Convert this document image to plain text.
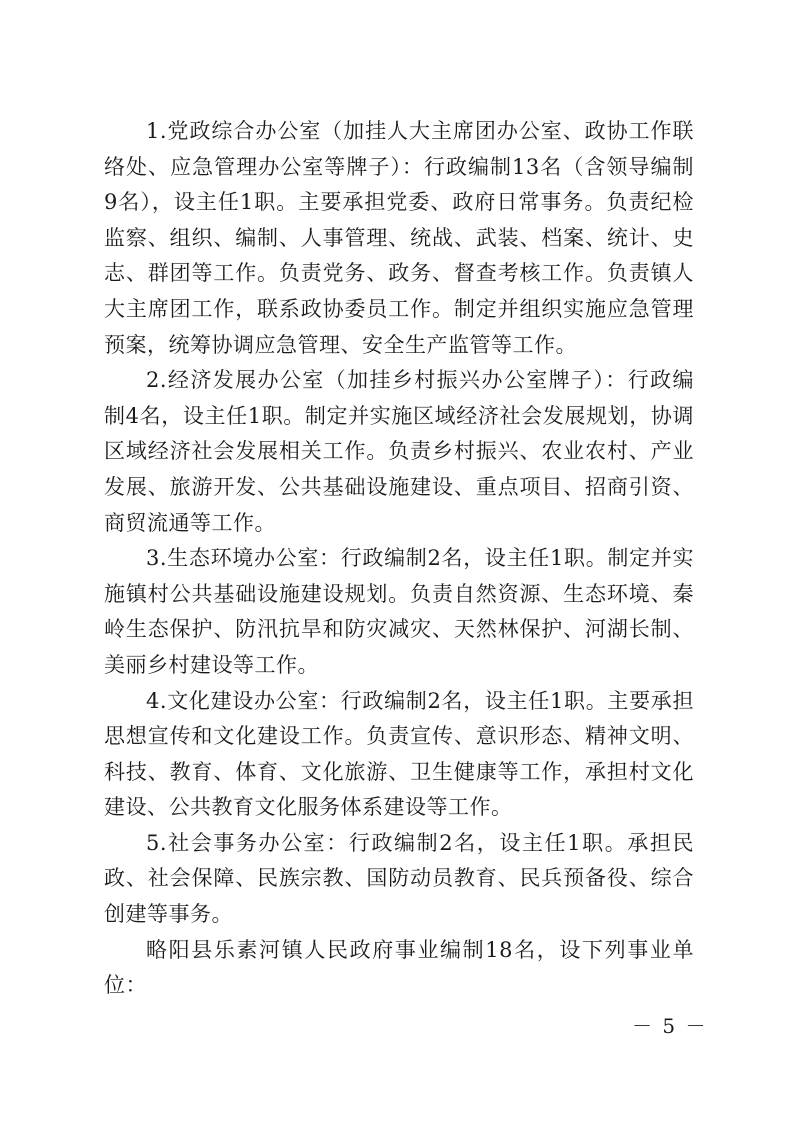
1.党政综合办公室（加挂人大主席团办公室、政协工作联络处、应急管理办公室等牌子）：行政编制13名（含领导编制9名），设主任1职。主要承担党委、政府日常事务。负责纪检监察、组织、编制、人事管理、统战、武装、档案、统计、史志、群团等工作。负责党务、政务、督查考核工作。负责镇人大主席团工作，联系政协委员工作。制定并组织实施应急管理预案，统筹协调应急管理、安全生产监管等工作。

2.经济发展办公室（加挂乡村振兴办公室牌子）：行政编制4名，设主任1职。制定并实施区域经济社会发展规划，协调区域经济社会发展相关工作。负责乡村振兴、农业农村、产业发展、旅游开发、公共基础设施建设、重点项目、招商引资、商贸流通等工作。

3.生态环境办公室：行政编制2名，设主任1职。制定并实施镇村公共基础设施建设规划。负责自然资源、生态环境、秦岭生态保护、防汛抗旱和防灾减灾、天然林保护、河湖长制、美丽乡村建设等工作。

4.文化建设办公室：行政编制2名，设主任1职。主要承担思想宣传和文化建设工作。负责宣传、意识形态、精神文明、科技、教育、体育、文化旅游、卫生健康等工作，承担村文化建设、公共教育文化服务体系建设等工作。

5.社会事务办公室：行政编制2名，设主任1职。承担民政、社会保障、民族宗教、国防动员教育、民兵预备役、综合创建等事务。

略阳县乐素河镇人民政府事业编制18名，设下列事业单位：

－ 5 －
